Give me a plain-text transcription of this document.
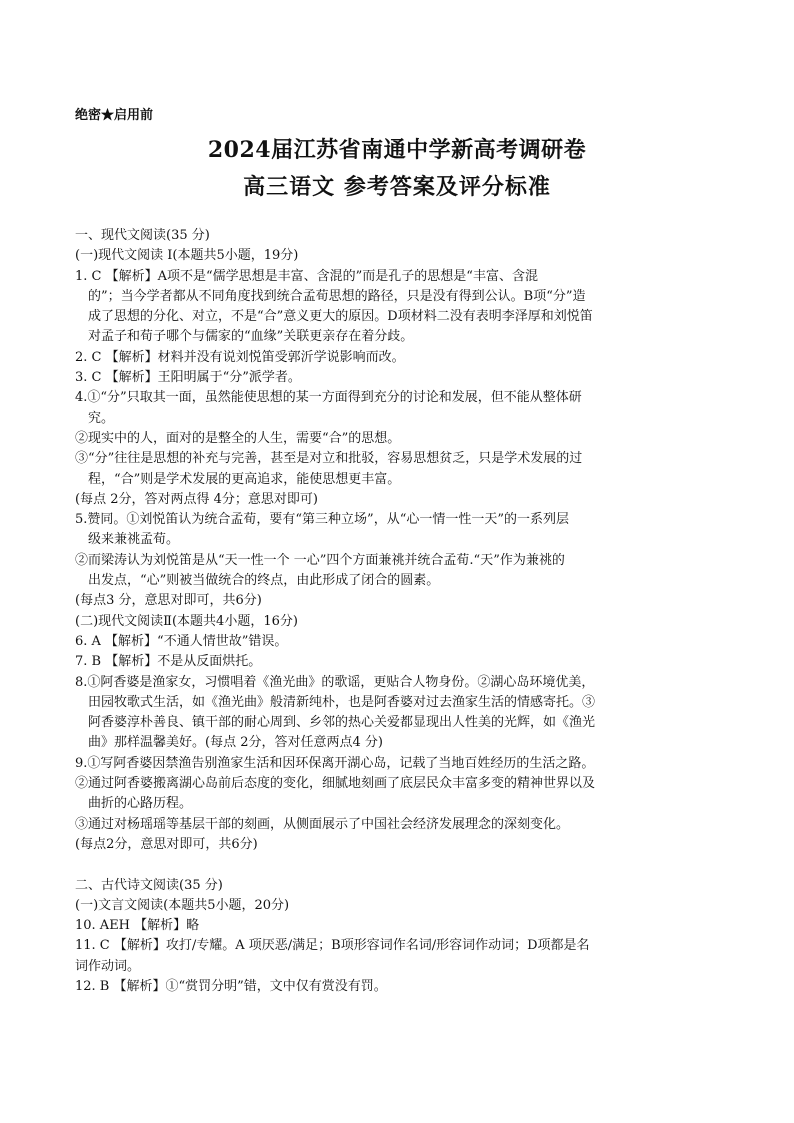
绝密★启用前
2024届江苏省南通中学新高考调研卷
高三语文 参考答案及评分标准
一、现代文阅读(35 分)
(一)现代文阅读 Ⅰ(本题共5小题，19分)
1. C 【解析】A项不是“儒学思想是丰富、含混的”而是孔子的思想是“丰富、含混
的”；当今学者都从不同角度找到统合孟荀思想的路径，只是没有得到公认。B项“分”造
成了思想的分化、对立，不是“合”意义更大的原因。D项材料二没有表明李泽厚和刘悦笛
对孟子和荀子哪个与儒家的“血缘”关联更亲存在着分歧。
2. C 【解析】材料并没有说刘悦笛受郭沂学说影响而改。
3. C 【解析】王阳明属于“分”派学者。
4.①“分”只取其一面，虽然能使思想的某一方面得到充分的讨论和发展，但不能从整体研
究。
②现实中的人，面对的是整全的人生，需要“合”的思想。
③“分”往往是思想的补充与完善，甚至是对立和批驳，容易思想贫乏，只是学术发展的过
程，“合”则是学术发展的更高追求，能使思想更丰富。
(每点 2分，答对两点得 4分；意思对即可)
5.赞同。①刘悦笛认为统合孟荀，要有“第三种立场”，从“心一情一性一天”的一系列层
级来兼祧孟荀。
②而梁涛认为刘悦笛是从“天一性一个 一心”四个方面兼祧并统合孟荀.“天”作为兼祧的
出发点，“心”则被当做统合的终点，由此形成了闭合的圆素。
(每点3 分，意思对即可，共6分)
(二)现代文阅读Ⅱ(本题共4小题，16分)
6. A 【解析】“不通人情世故”错误。
7. B 【解析】不是从反面烘托。
8.①阿香婆是渔家女，习惯唱着《渔光曲》的歌谣，更贴合人物身份。②湖心岛环境优美，
田园牧歌式生活，如《渔光曲》般清新纯朴，也是阿香婆对过去渔家生活的情感寄托。③
阿香婆淳朴善良、镇干部的耐心周到、乡邻的热心关爱都显现出人性美的光辉，如《渔光
曲》那样温馨美好。(每点 2分，答对任意两点4 分)
9.①写阿香婆因禁渔告别渔家生活和因环保离开湖心岛，记载了当地百姓经历的生活之路。
②通过阿香婆搬离湖心岛前后态度的变化，细腻地刻画了底层民众丰富多变的精神世界以及
曲折的心路历程。
③通过对杨瑶瑶等基层干部的刻画，从侧面展示了中国社会经济发展理念的深刻变化。
(每点2分，意思对即可，共6分)
二、古代诗文阅读(35 分)
(一)文言文阅读(本题共5小题，20分)
10. AEH 【解析】略
11. C 【解析】攻打/专耀。A 项厌恶/满足；B项形容词作名词/形容词作动词；D项都是名
词作动词。
12. B 【解析】①“赏罚分明”错，文中仅有赏没有罚。
